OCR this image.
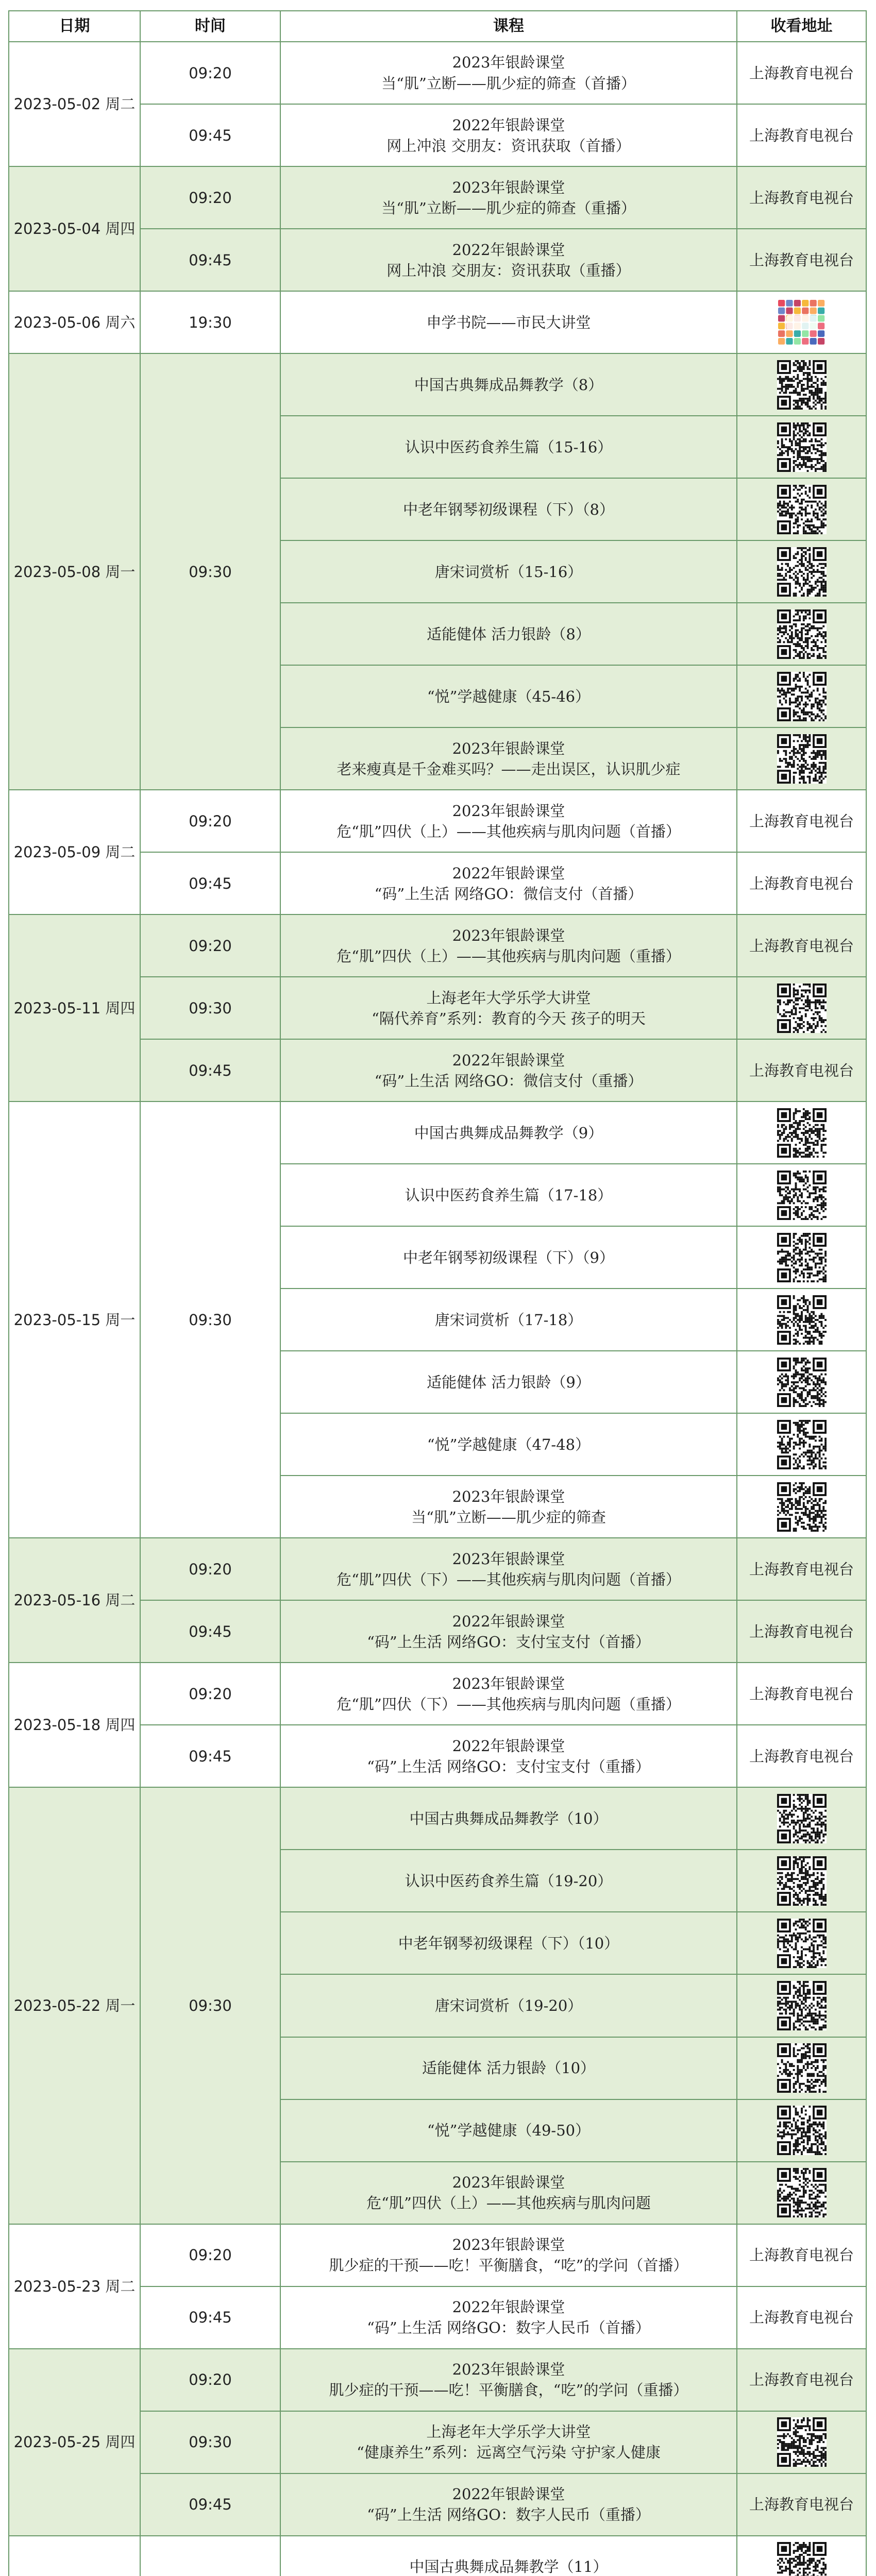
日期	时间	课程	收看地址
2023-05-02 周二	09:20	2023年银龄课堂
当“肌”立断——肌少症的筛查（首播）	上海教育电视台
	09:45	2022年银龄课堂
网上冲浪 交朋友：资讯获取（首播）	上海教育电视台
2023-05-04 周四	09:20	2023年银龄课堂
当“肌”立断——肌少症的筛查（重播）	上海教育电视台
	09:45	2022年银龄课堂
网上冲浪 交朋友：资讯获取（重播）	上海教育电视台
2023-05-06 周六	19:30	申学书院——市民大讲堂

2023-05-08 周一	09:30	中国古典舞成品舞教学（8）

		认识中医药食养生篇（15-16）

		中老年钢琴初级课程（下）（8）

		唐宋词赏析（15-16）

		适能健体 活力银龄（8）

		“悦”学越健康（45-46）

		2023年银龄课堂
老来瘦真是千金难买吗？——走出误区，认识肌少症

2023-05-09 周二	09:20	2023年银龄课堂
危“肌”四伏（上）——其他疾病与肌肉问题（首播）	上海教育电视台
	09:45	2022年银龄课堂
“码”上生活 网络GO：微信支付（首播）	上海教育电视台
2023-05-11 周四	09:20	2023年银龄课堂
危“肌”四伏（上）——其他疾病与肌肉问题（重播）	上海教育电视台
	09:30	上海老年大学乐学大讲堂
“隔代养育”系列：教育的今天 孩子的明天

	09:45	2022年银龄课堂
“码”上生活 网络GO：微信支付（重播）	上海教育电视台
2023-05-15 周一	09:30	中国古典舞成品舞教学（9）

		认识中医药食养生篇（17-18）

		中老年钢琴初级课程（下）（9）

		唐宋词赏析（17-18）

		适能健体 活力银龄（9）

		“悦”学越健康（47-48）

		2023年银龄课堂
当“肌”立断——肌少症的筛查

2023-05-16 周二	09:20	2023年银龄课堂
危“肌”四伏（下）——其他疾病与肌肉问题（首播）	上海教育电视台
	09:45	2022年银龄课堂
“码”上生活 网络GO：支付宝支付（首播）	上海教育电视台
2023-05-18 周四	09:20	2023年银龄课堂
危“肌”四伏（下）——其他疾病与肌肉问题（重播）	上海教育电视台
	09:45	2022年银龄课堂
“码”上生活 网络GO：支付宝支付（重播）	上海教育电视台
2023-05-22 周一	09:30	中国古典舞成品舞教学（10）

		认识中医药食养生篇（19-20）

		中老年钢琴初级课程（下）（10）

		唐宋词赏析（19-20）

		适能健体 活力银龄（10）

		“悦”学越健康（49-50）

		2023年银龄课堂
危“肌”四伏（上）——其他疾病与肌肉问题

2023-05-23 周二	09:20	2023年银龄课堂
肌少症的干预——吃！平衡膳食，“吃”的学问（首播）	上海教育电视台
	09:45	2022年银龄课堂
“码”上生活 网络GO：数字人民币（首播）	上海教育电视台
2023-05-25 周四	09:20	2023年银龄课堂
肌少症的干预——吃！平衡膳食，“吃”的学问（重播）	上海教育电视台
	09:30	上海老年大学乐学大讲堂
“健康养生”系列：远离空气污染 守护家人健康

	09:45	2022年银龄课堂
“码”上生活 网络GO：数字人民币（重播）	上海教育电视台

中国古典舞成品舞教学（11）
